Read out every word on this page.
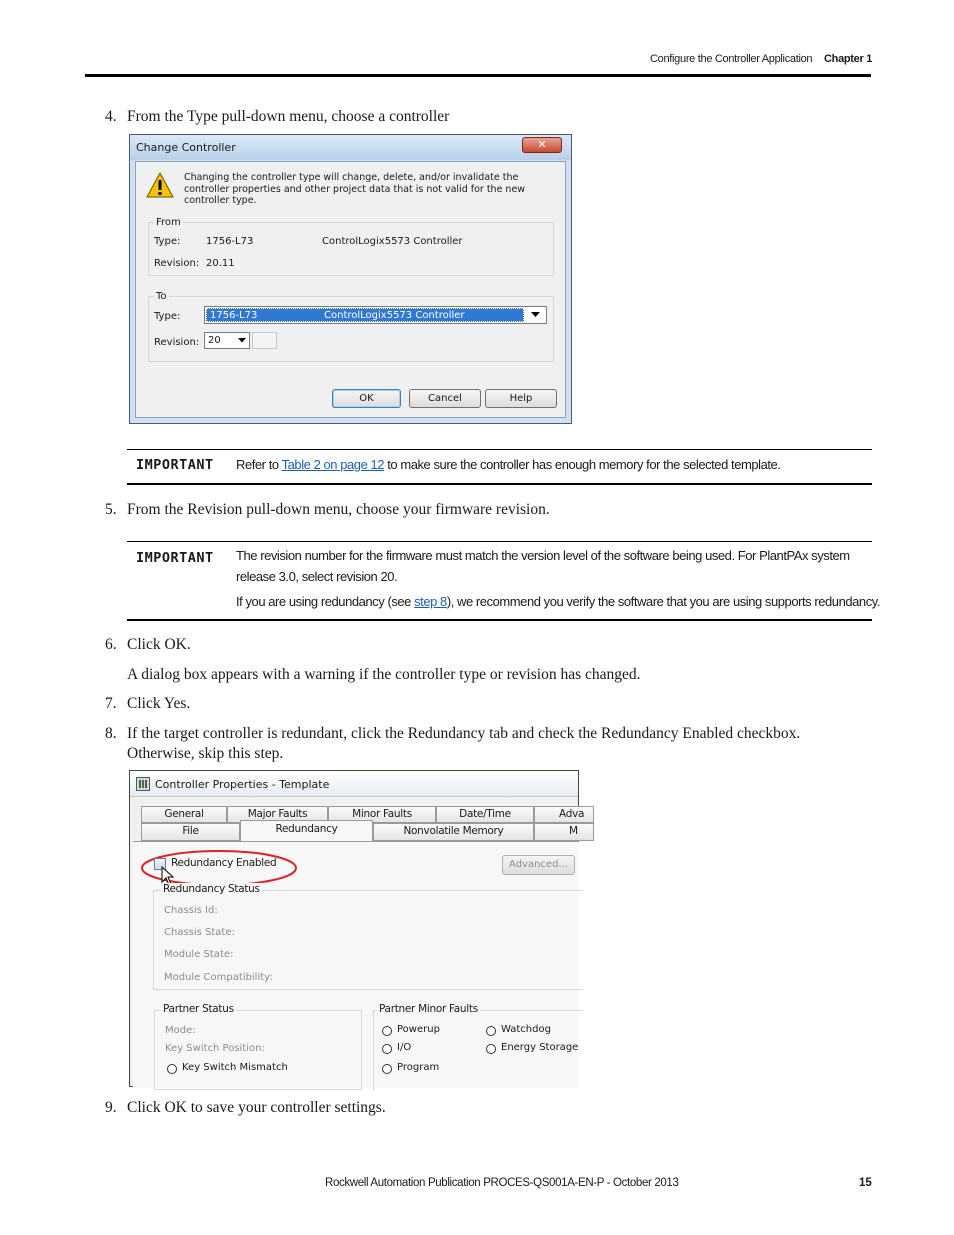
Configure the Controller Application Chapter 1
4. From the Type pull-down menu, choose a controller
Change Controller	✕
Changing the controller type will change, delete, and/or invalidate the
controller properties and other project data that is not valid for the new
controller type.
From
Type:	1756-L73	ControlLogix5573 Controller
Revision: 20.11
To
Type:	1756-L73	ControlLogix5573 Controller
Revision: 20
OK	Cancel	Help
IMPORTANT Refer to Table 2 on page 12 to make sure the controller has enough memory for the selected template.
5. From the Revision pull-down menu, choose your firmware revision.
IMPORTANT The revision number for the firmware must match the version level of the software being used. For PlantPAx system
release 3.0, select revision 20.
If you are using redundancy (see step 8), we recommend you verify the software that you are using supports redundancy.
6. Click OK.
A dialog box appears with a warning if the controller type or revision has changed.
7. Click Yes.
8. If the target controller is redundant, click the Redundancy tab and check the Redundancy Enabled checkbox.
Otherwise, skip this step.
Controller Properties - Template
General	Major Faults	Minor Faults	Date/Time	Adva
File	Redundancy	Nonvolatile Memory	M
Redundancy Enabled	Advanced...
Redundancy Status
Chassis Id:
Chassis State:
Module State:
Module Compatibility:
Partner Status
Mode:
Key Switch Position:
Key Switch Mismatch
Partner Minor Faults
Powerup	Watchdog
I/O	Energy Storage
Program
9. Click OK to save your controller settings.
Rockwell Automation Publication PROCES-QS001A-EN-P - October 2013	15
